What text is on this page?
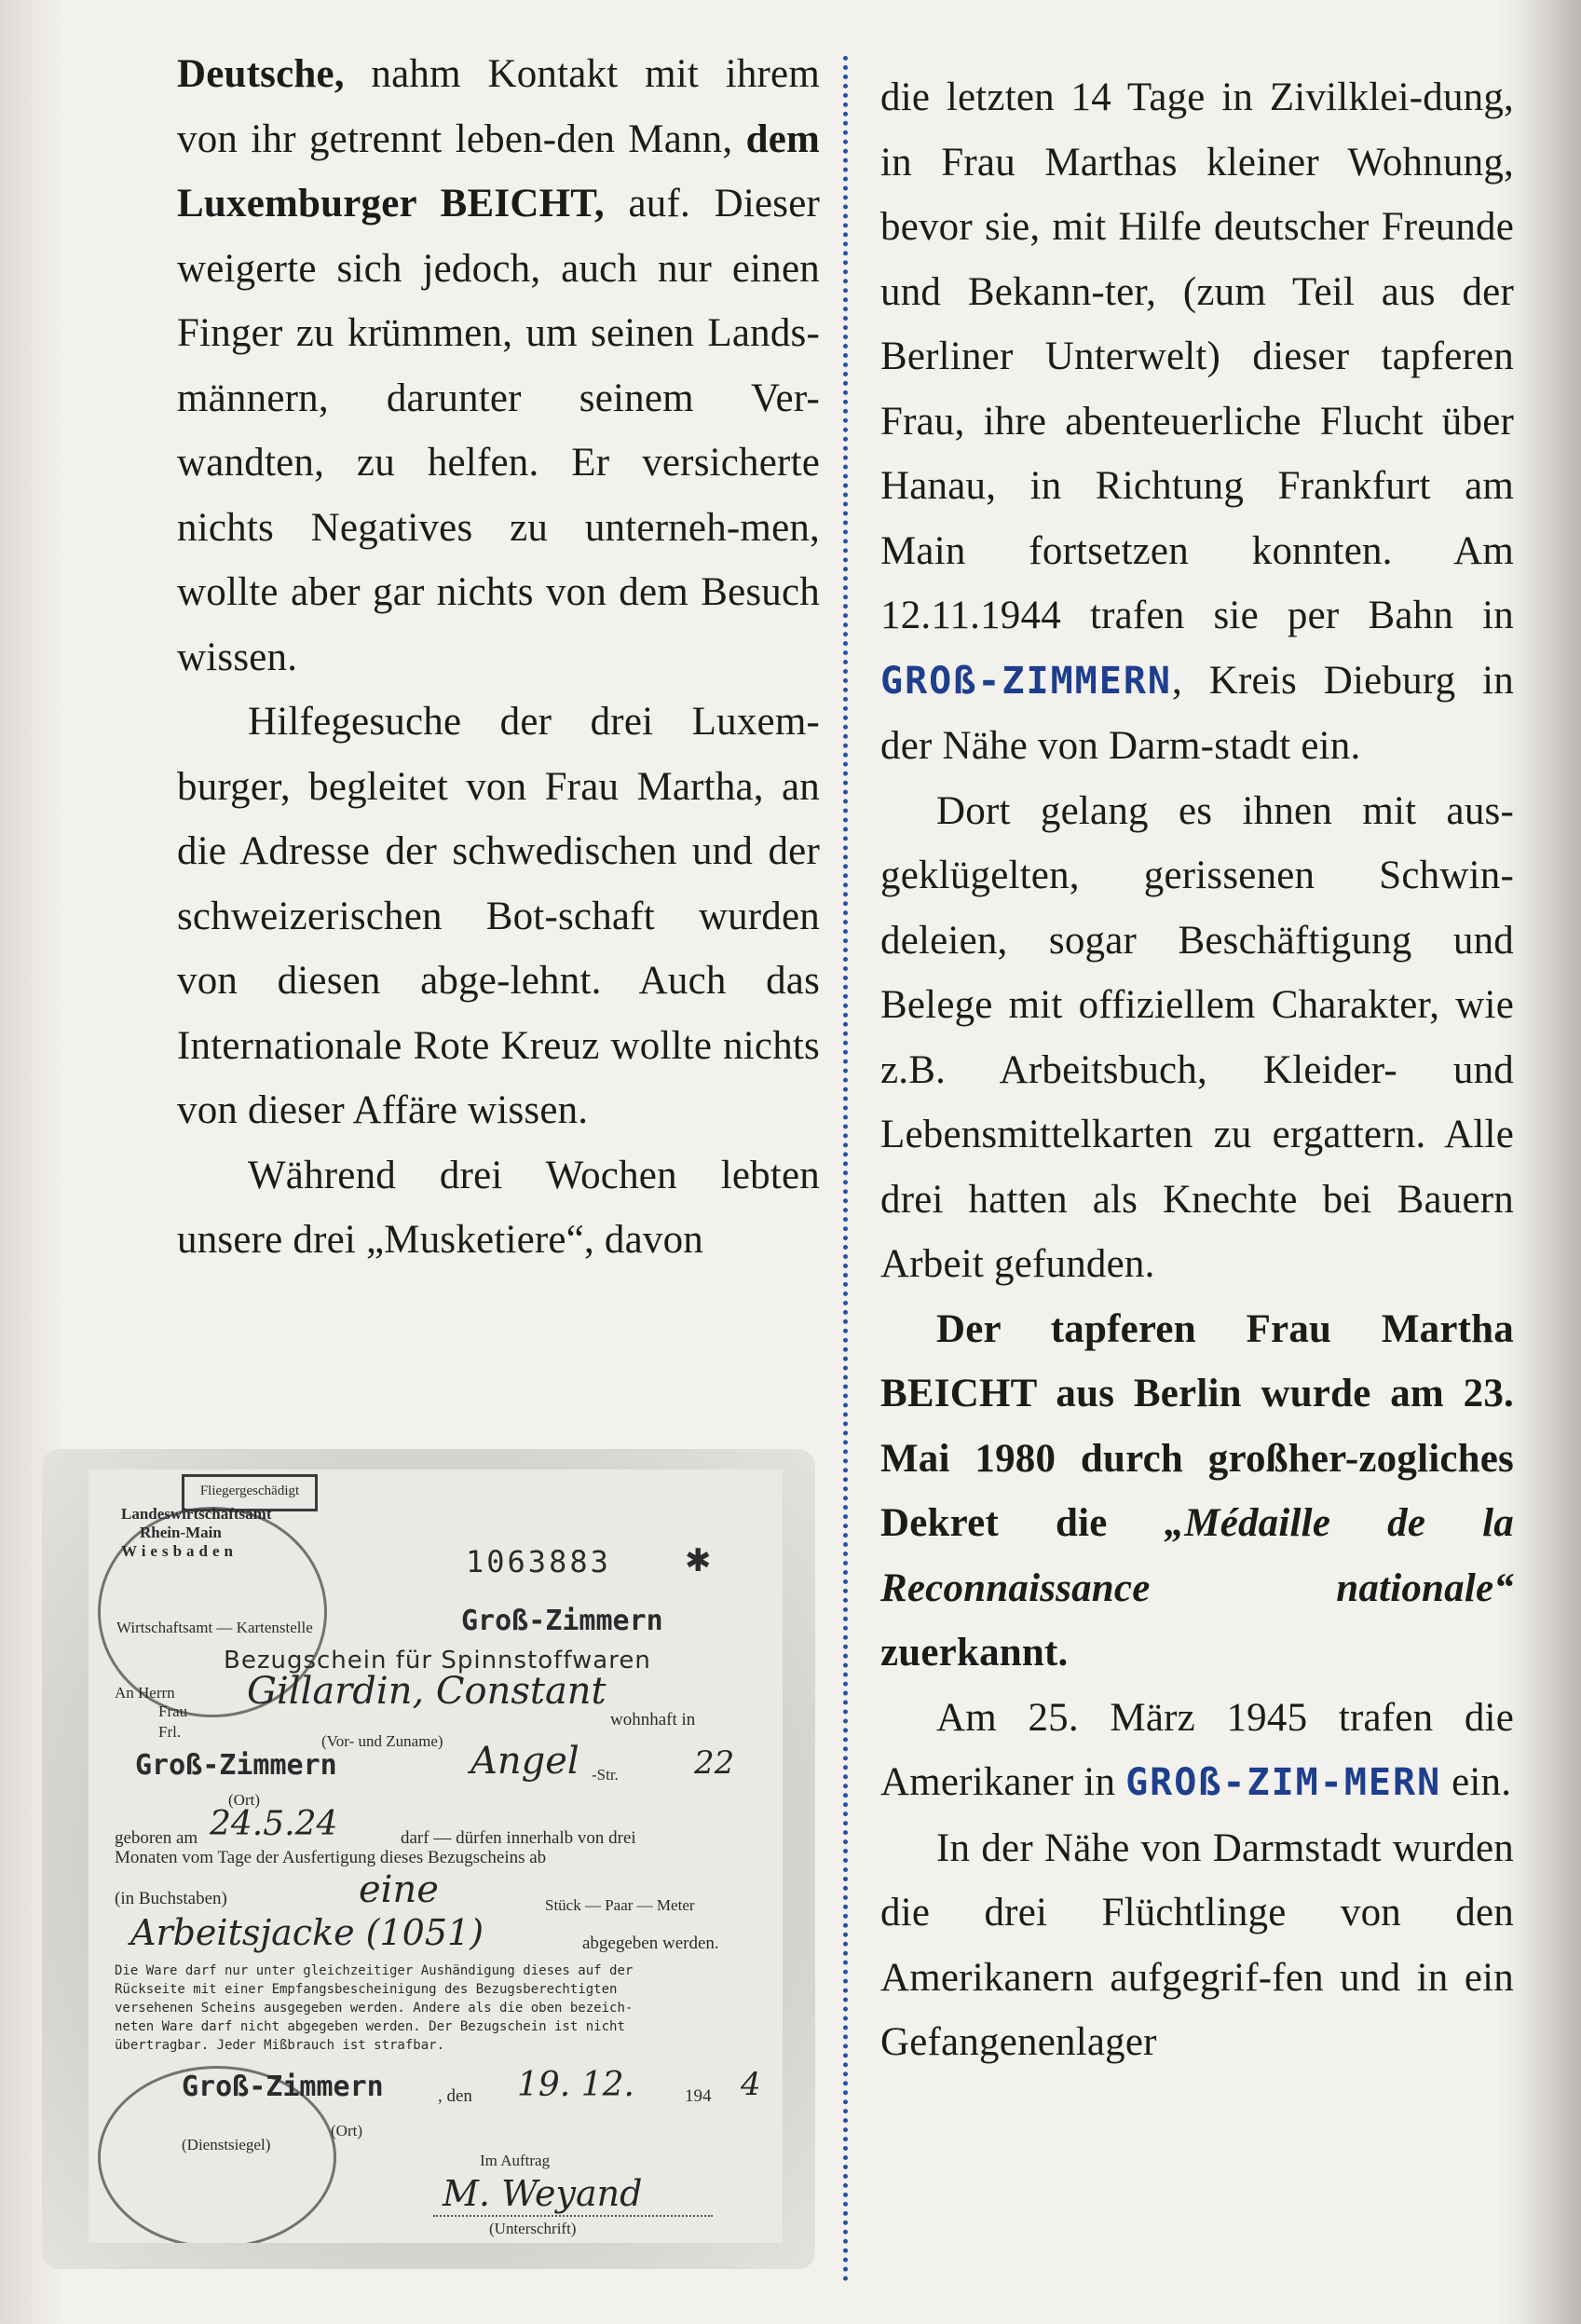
Deutsche, nahm Kontakt mit ihrem von ihr getrennt leben-den Mann, dem Luxemburger BEICHT, auf. Dieser weigerte sich jedoch, auch nur einen Finger zu krümmen, um seinen Lands-männern, darunter seinem Ver-wandten, zu helfen. Er versicherte nichts Negatives zu unterneh-men, wollte aber gar nichts von dem Besuch wissen.

Hilfegesuche der drei Luxem-burger, begleitet von Frau Martha, an die Adresse der schwedischen und der schweizerischen Bot-schaft wurden von diesen abge-lehnt. Auch das Internationale Rote Kreuz wollte nichts von dieser Affäre wissen.

Während drei Wochen lebten unsere drei „Musketiere“, davon

die letzten 14 Tage in Zivilklei-dung, in Frau Marthas kleiner Wohnung, bevor sie, mit Hilfe deutscher Freunde und Bekann-ter, (zum Teil aus der Berliner Unterwelt) dieser tapferen Frau, ihre abenteuerliche Flucht über Hanau, in Richtung Frankfurt am Main fortsetzen konnten. Am 12.11.1944 trafen sie per Bahn in GROß-ZIMMERN, Kreis Dieburg in der Nähe von Darm-stadt ein.

Dort gelang es ihnen mit aus-geklügelten, gerissenen Schwin-deleien, sogar Beschäftigung und Belege mit offiziellem Charakter, wie z.B. Arbeitsbuch, Kleider- und Lebensmittelkarten zu ergattern. Alle drei hatten als Knechte bei Bauern Arbeit gefunden.

Der tapferen Frau Martha BEICHT aus Berlin wurde am 23. Mai 1980 durch großher-zogliches Dekret die „Médaille de la Reconnaissance nationale“ zuerkannt.

Am 25. März 1945 trafen die Amerikaner in GROß-ZIM-MERN ein.

In der Nähe von Darmstadt wurden die drei Flüchtlinge von den Amerikanern aufgegrif-fen und in ein Gefangenenlager

Fliegergeschädigt
Landeswirtschaftsamt
Rhein-Main
Wiesbaden	1063883 ✱
Wirtschaftsamt — Kartenstelle	Groß-Zimmern
Bezugschein für Spinnstoffwaren
An Herrn
Frau
Frl.
Gillardin, Constant
wohnhaft in
(Vor- und Zuname)
Groß-Zimmern	Angel -Str. 22
(Ort)
geboren am 24.5.24	darf — dürfen innerhalb von drei
Monaten vom Tage der Ausfertigung dieses Bezugscheins ab
(in Buchstaben)	eine	Stück — Paar — Meter
Arbeitsjacke (1051)	abgegeben werden.
Die Ware darf nur unter gleichzeitiger Aushändigung dieses auf der
Rückseite mit einer Empfangsbescheinigung des Bezugsberechtigten
versehenen Scheins ausgegeben werden. Andere als die oben bezeich-
neten Ware darf nicht abgegeben werden. Der Bezugschein ist nicht
übertragbar. Jeder Mißbrauch ist strafbar.
Groß-Zimmern	, den 19. 12.	194 4
(Ort)
(Dienstsiegel)
Im Auftrag
M. Weyand
(Unterschrift)
